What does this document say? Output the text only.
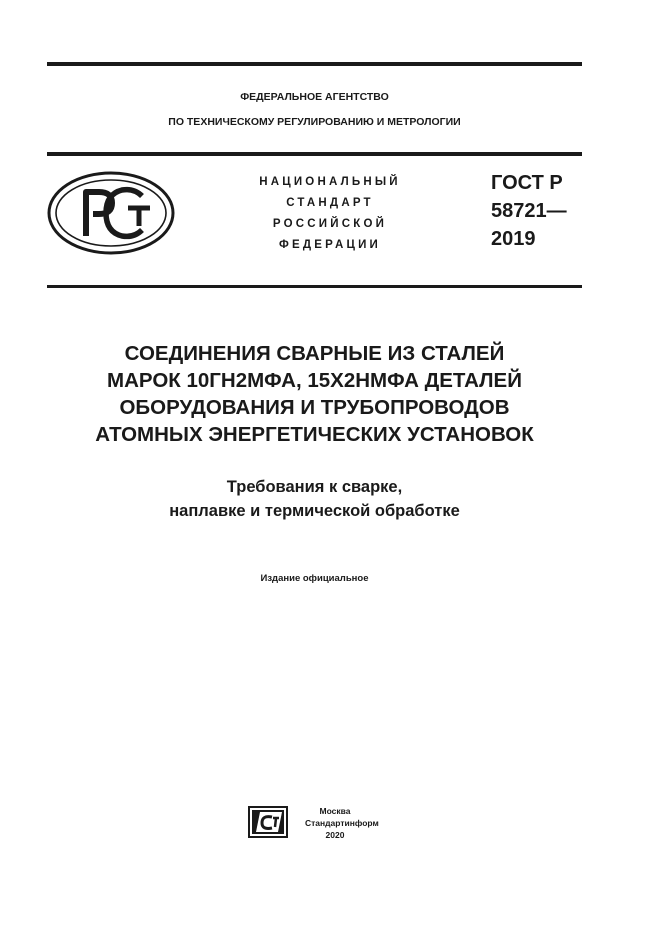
ФЕДЕРАЛЬНОЕ АГЕНТСТВО
ПО ТЕХНИЧЕСКОМУ РЕГУЛИРОВАНИЮ И МЕТРОЛОГИИ
НАЦИОНАЛЬНЫЙ
СТАНДАРТ
РОССИЙСКОЙ
ФЕДЕРАЦИИ
ГОСТ Р
58721—
2019
СОЕДИНЕНИЯ СВАРНЫЕ ИЗ СТАЛЕЙ
МАРОК 10ГН2МФА, 15Х2НМФА ДЕТАЛЕЙ
ОБОРУДОВАНИЯ И ТРУБОПРОВОДОВ
АТОМНЫХ ЭНЕРГЕТИЧЕСКИХ УСТАНОВОК
Требования к сварке,
наплавке и термической обработке
Издание официальное
Москва
Стандартинформ
2020
